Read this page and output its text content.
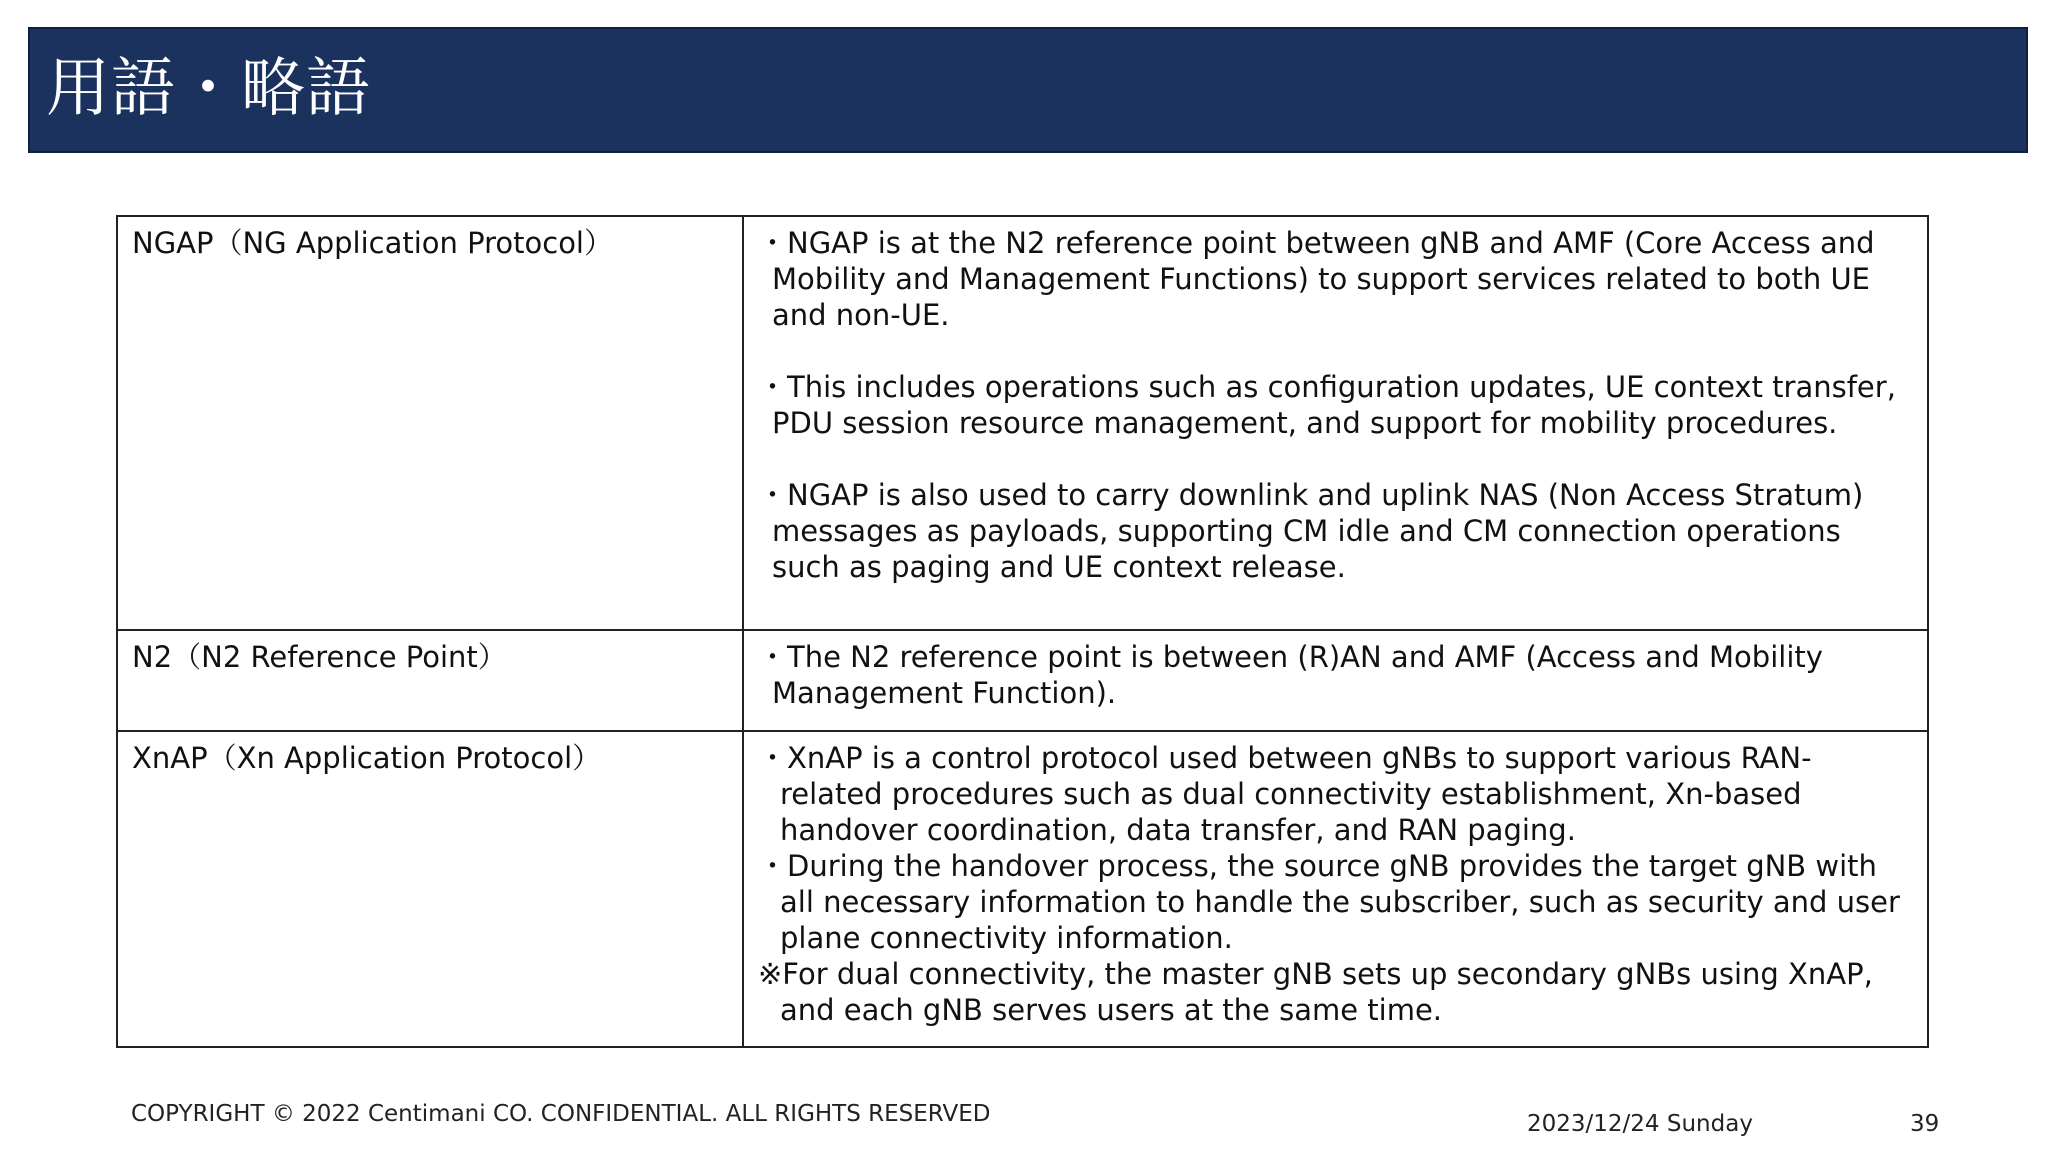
用語・略語
NGAP（NG Application Protocol）	・NGAP is at the N2 reference point between gNB and AMF (Core Access and Mobility and Management Functions) to support services related to both UE and non-UE.

・This includes operations such as configuration updates, UE context transfer, PDU session resource management, and support for mobility procedures.

・NGAP is also used to carry downlink and uplink NAS (Non Access Stratum) messages as payloads, supporting CM idle and CM connection operations such as paging and UE context release.

N2（N2 Reference Point）	・The N2 reference point is between (R)AN and AMF (Access and Mobility Management Function).

XnAP（Xn Application Protocol）	・XnAP is a control protocol used between gNBs to support various RAN-related procedures such as dual connectivity establishment, Xn-based handover coordination, data transfer, and RAN paging.

・During the handover process, the source gNB provides the target gNB with all necessary information to handle the subscriber, such as security and user plane connectivity information.

※For dual connectivity, the master gNB sets up secondary gNBs using XnAP, and each gNB serves users at the same time.

COPYRIGHT © 2022 Centimani CO. CONFIDENTIAL. ALL RIGHTS RESERVED	2023/12/24 Sunday	39
